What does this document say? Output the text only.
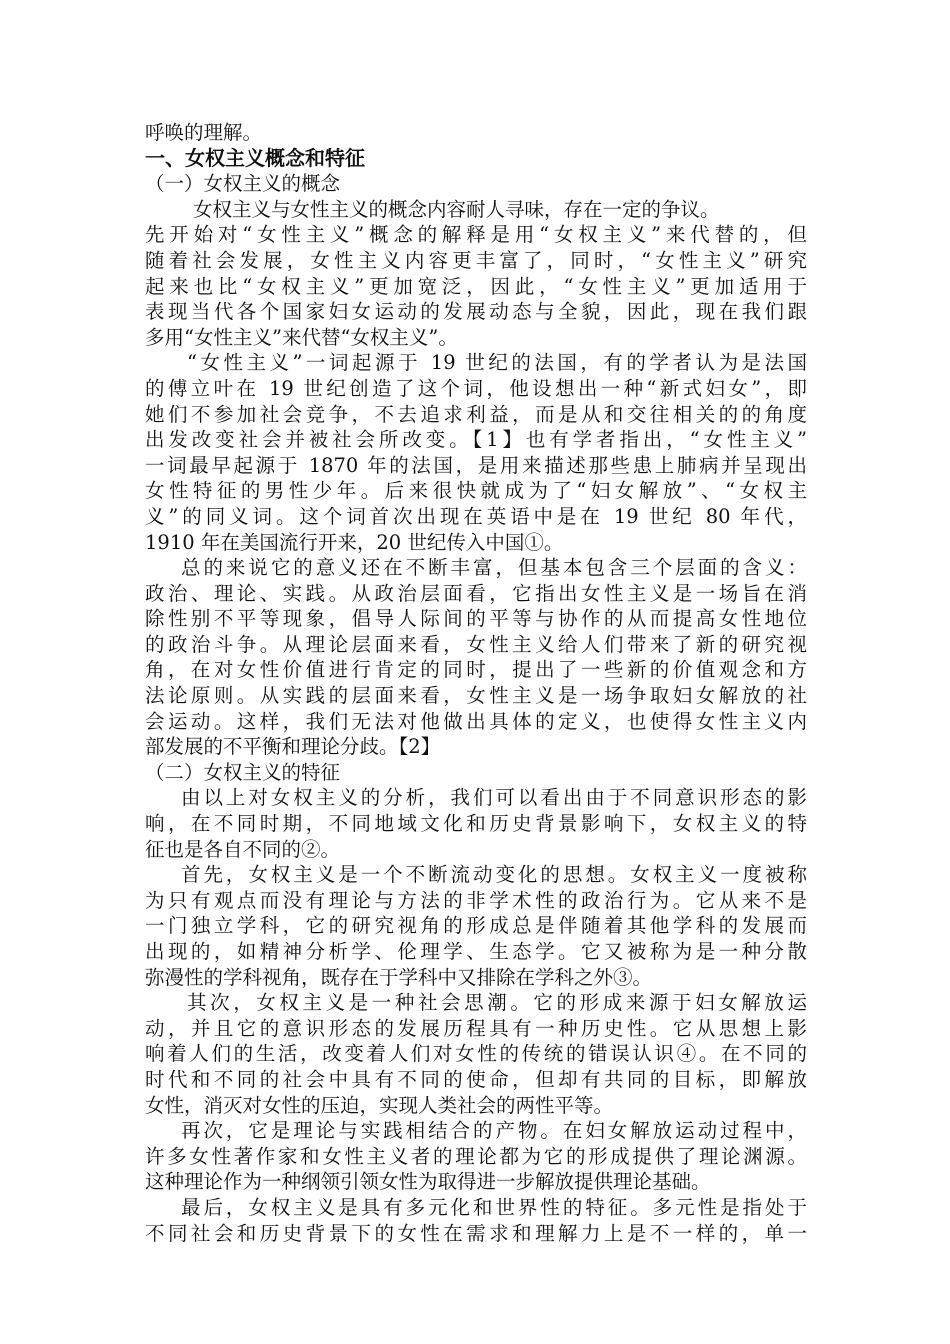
呼唤的理解。
一、女权主义概念和特征
（一）女权主义的概念
女权主义与女性主义的概念内容耐人寻味，存在一定的争议。
先开始对“女性主义”概念的解释是用“女权主义”来代替的，但
随着社会发展，女性主义内容更丰富了，同时，“女性主义”研究
起来也比“女权主义”更加宽泛，因此，“女性主义”更加适用于
表现当代各个国家妇女运动的发展动态与全貌，因此，现在我们跟
多用“女性主义”来代替“女权主义”。
“女性主义”一词起源于 19 世纪的法国，有的学者认为是法国
的傅立叶在 19 世纪创造了这个词，他设想出一种“新式妇女”，即
她们不参加社会竞争，不去追求利益，而是从和交往相关的的角度
出发改变社会并被社会所改变。【1】也有学者指出，“女性主义”
一词最早起源于 1870 年的法国，是用来描述那些患上肺病并呈现出
女性特征的男性少年。后来很快就成为了“妇女解放”、“女权主
义”的同义词。这个词首次出现在英语中是在 19 世纪 80 年代，
1910 年在美国流行开来，20 世纪传入中国①。
总的来说它的意义还在不断丰富，但基本包含三个层面的含义：
政治、理论、实践。从政治层面看，它指出女性主义是一场旨在消
除性别不平等现象，倡导人际间的平等与协作的从而提高女性地位
的政治斗争。从理论层面来看，女性主义给人们带来了新的研究视
角，在对女性价值进行肯定的同时，提出了一些新的价值观念和方
法论原则。从实践的层面来看，女性主义是一场争取妇女解放的社
会运动。这样，我们无法对他做出具体的定义，也使得女性主义内
部发展的不平衡和理论分歧。【2】
（二）女权主义的特征
由以上对女权主义的分析，我们可以看出由于不同意识形态的影
响，在不同时期，不同地域文化和历史背景影响下，女权主义的特
征也是各自不同的②。
首先，女权主义是一个不断流动变化的思想。女权主义一度被称
为只有观点而没有理论与方法的非学术性的政治行为。它从来不是
一门独立学科，它的研究视角的形成总是伴随着其他学科的发展而
出现的，如精神分析学、伦理学、生态学。它又被称为是一种分散
弥漫性的学科视角，既存在于学科中又排除在学科之外③。
其次，女权主义是一种社会思潮。它的形成来源于妇女解放运
动，并且它的意识形态的发展历程具有一种历史性。它从思想上影
响着人们的生活，改变着人们对女性的传统的错误认识④。在不同的
时代和不同的社会中具有不同的使命，但却有共同的目标，即解放
女性，消灭对女性的压迫，实现人类社会的两性平等。
再次，它是理论与实践相结合的产物。在妇女解放运动过程中，
许多女性著作家和女性主义者的理论都为它的形成提供了理论渊源。
这种理论作为一种纲领引领女性为取得进一步解放提供理论基础。
最后，女权主义是具有多元化和世界性的特征。多元性是指处于
不同社会和历史背景下的女性在需求和理解力上是不一样的，单一
